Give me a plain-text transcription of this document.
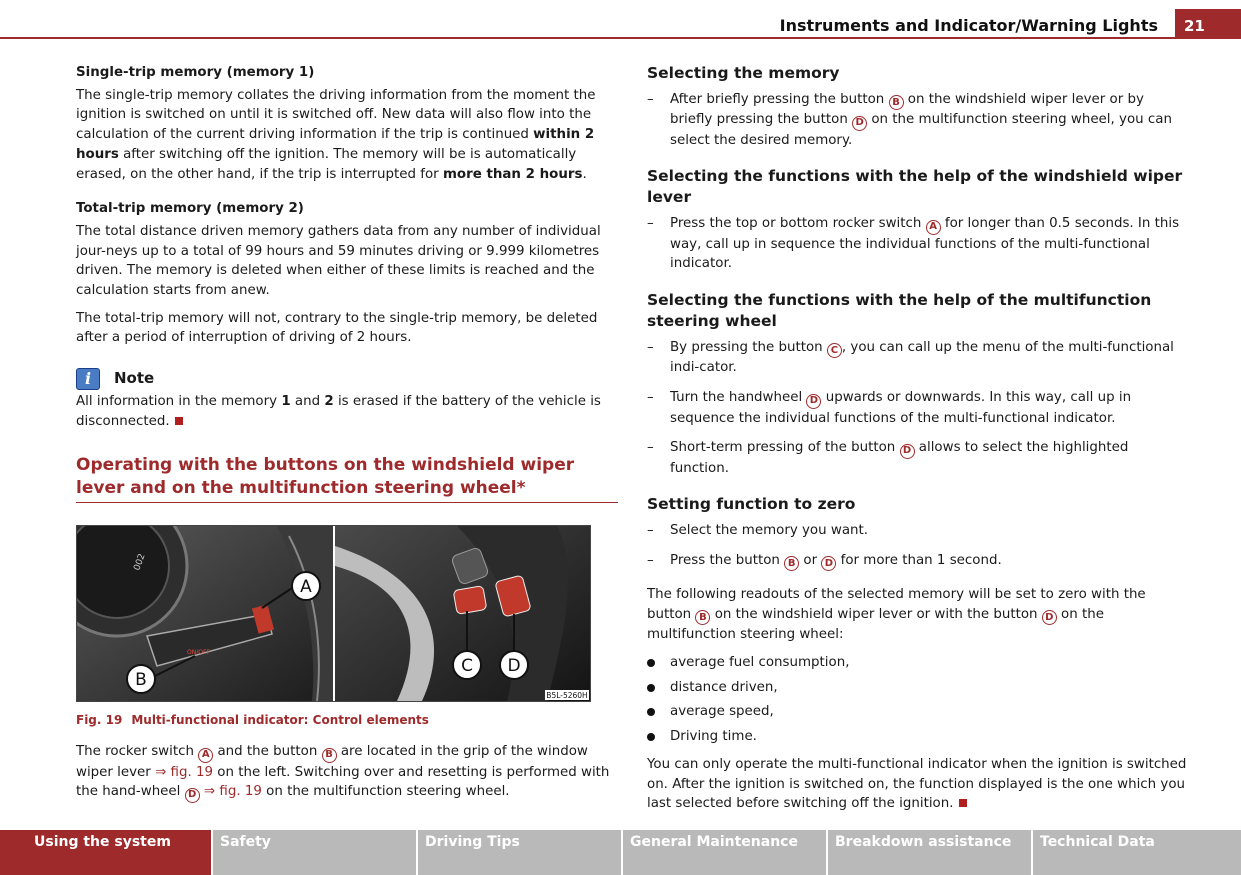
Instruments and Indicator/Warning Lights	21
Single-trip memory (memory 1)

The single-trip memory collates the driving information from the moment the ignition is switched on until it is switched off. New data will also flow into the calculation of the current driving information if the trip is continued within 2 hours after switching off the ignition. The memory will be is automatically erased, on the other hand, if the trip is interrupted for more than 2 hours.

Total-trip memory (memory 2)

The total distance driven memory gathers data from any number of individual jour-neys up to a total of 99 hours and 59 minutes driving or 9.999 kilometres driven. The memory is deleted when either of these limits is reached and the calculation starts from anew.

The total-trip memory will not, contrary to the single-trip memory, be deleted after a period of interruption of driving of 2 hours.

i	Note

All information in the memory 1 and 2 is erased if the battery of the vehicle is disconnected.

Operating with the buttons on the windshield wiper lever and on the multifunction steering wheel*
002
ON/OFF
A
B
C D
B5L-5260H
Fig. 19 Multi-functional indicator: Control elements

The rocker switch A and the button B are located in the grip of the window wiper lever ⇒ fig. 19 on the left. Switching over and resetting is performed with the hand-wheel D ⇒ fig. 19 on the multifunction steering wheel.

Selecting the memory
– After briefly pressing the button B on the windshield wiper lever or by briefly pressing the button D on the multifunction steering wheel, you can select the desired memory.
Selecting the functions with the help of the windshield wiper lever
– Press the top or bottom rocker switch A for longer than 0.5 seconds. In this way, call up in sequence the individual functions of the multi-functional indicator.
Selecting the functions with the help of the multifunction steering wheel
– By pressing the button C , you can call up the menu of the multi-functional indi-cator.
– Turn the handwheel D upwards or downwards. In this way, call up in sequence the individual functions of the multi-functional indicator.
– Short-term pressing of the button D allows to select the highlighted function.
Setting function to zero
– Select the memory you want.
– Press the button B or D for more than 1 second.

The following readouts of the selected memory will be set to zero with the button B on the windshield wiper lever or with the button D on the multifunction steering wheel:

average fuel consumption,
distance driven,
average speed,
Driving time.

You can only operate the multi-functional indicator when the ignition is switched on. After the ignition is switched on, the function displayed is the one which you last selected before switching off the ignition.

Using the system	Safety	Driving Tips	General Maintenance	Breakdown assistance	Technical Data
